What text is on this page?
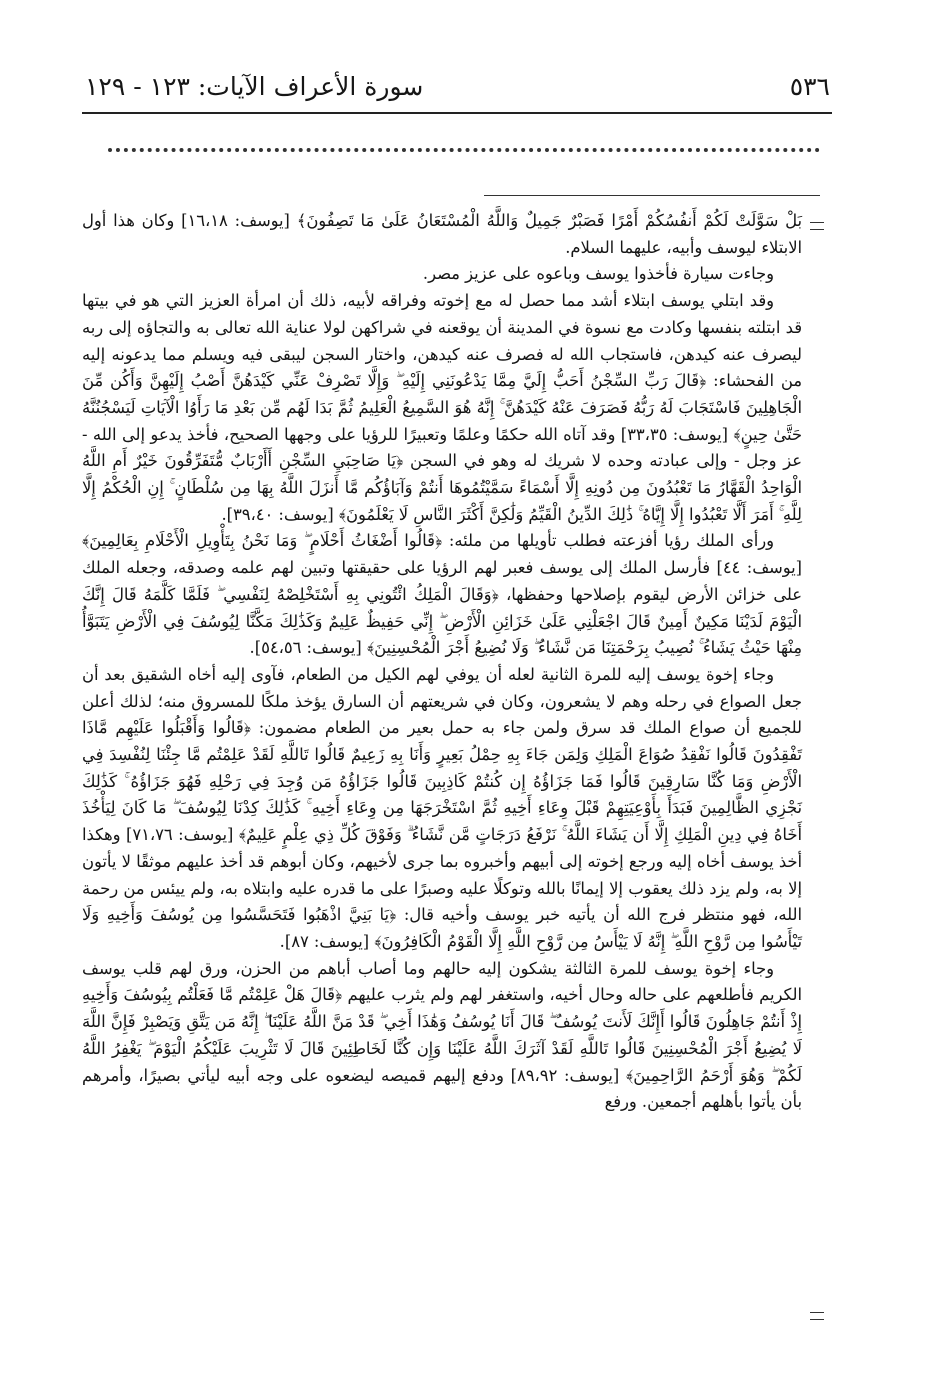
٥٣٦
سورة الأعراف الآيات: ١٢٣ - ١٢٩

بَلْ سَوَّلَتْ لَكُمْ أَنفُسُكُمْ أَمْرًا فَصَبْرٌ جَمِيلٌ وَاللَّهُ الْمُسْتَعَانُ عَلَىٰ مَا تَصِفُونَ﴾ [يوسف: ١٦،١٨] وكان هذا أول الابتلاء ليوسف وأبيه، عليهما السلام.

وجاءت سيارة فأخذوا يوسف وباعوه على عزيز مصر.

وقد ابتلي يوسف ابتلاء أشد مما حصل له مع إخوته وفراقه لأبيه، ذلك أن امرأة العزيز التي هو في بيتها قد ابتلته بنفسها وكادت مع نسوة في المدينة أن يوقعنه في شراكهن لولا عناية الله تعالى به والتجاؤه إلى ربه ليصرف عنه كيدهن، فاستجاب الله له فصرف عنه كيدهن، واختار السجن ليبقى فيه ويسلم مما يدعونه إليه من الفحشاء: ﴿قَالَ رَبِّ السِّجْنُ أَحَبُّ إِلَيَّ مِمَّا يَدْعُونَنِي إِلَيْهِ ۖ وَإِلَّا تَصْرِفْ عَنِّي كَيْدَهُنَّ أَصْبُ إِلَيْهِنَّ وَأَكُن مِّنَ الْجَاهِلِينَ فَاسْتَجَابَ لَهُ رَبُّهُ فَصَرَفَ عَنْهُ كَيْدَهُنَّ ۚ إِنَّهُ هُوَ السَّمِيعُ الْعَلِيمُ ثُمَّ بَدَا لَهُم مِّن بَعْدِ مَا رَأَوُا الْآيَاتِ لَيَسْجُنُنَّهُ حَتَّىٰ حِينٍ﴾ [يوسف: ٣٣،٣٥] وقد آتاه الله حكمًا وعلمًا وتعبيرًا للرؤيا على وجهها الصحيح، فأخذ يدعو إلى الله - عز وجل - وإلى عبادته وحده لا شريك له وهو في السجن ﴿يَا صَاحِبَيِ السِّجْنِ أَأَرْبَابٌ مُّتَفَرِّقُونَ خَيْرٌ أَمِ اللَّهُ الْوَاحِدُ الْقَهَّارُ مَا تَعْبُدُونَ مِن دُونِهِ إِلَّا أَسْمَاءً سَمَّيْتُمُوهَا أَنتُمْ وَآبَاؤُكُم مَّا أَنزَلَ اللَّهُ بِهَا مِن سُلْطَانٍ ۚ إِنِ الْحُكْمُ إِلَّا لِلَّهِ ۚ أَمَرَ أَلَّا تَعْبُدُوا إِلَّا إِيَّاهُ ۚ ذَٰلِكَ الدِّينُ الْقَيِّمُ وَلَٰكِنَّ أَكْثَرَ النَّاسِ لَا يَعْلَمُونَ﴾ [يوسف: ٣٩،٤٠].

ورأى الملك رؤيا أفزعته فطلب تأويلها من ملئه: ﴿قَالُوا أَضْغَاثُ أَحْلَامٍ ۖ وَمَا نَحْنُ بِتَأْوِيلِ الْأَحْلَامِ بِعَالِمِينَ﴾ [يوسف: ٤٤] فأرسل الملك إلى يوسف فعبر لهم الرؤيا على حقيقتها وتبين لهم علمه وصدقه، وجعله الملك على خزائن الأرض ليقوم بإصلاحها وحفظها، ﴿وَقَالَ الْمَلِكُ ائْتُونِي بِهِ أَسْتَخْلِصْهُ لِنَفْسِي ۖ فَلَمَّا كَلَّمَهُ قَالَ إِنَّكَ الْيَوْمَ لَدَيْنَا مَكِينٌ أَمِينٌ قَالَ اجْعَلْنِي عَلَىٰ خَزَائِنِ الْأَرْضِ ۖ إِنِّي حَفِيظٌ عَلِيمٌ وَكَذَٰلِكَ مَكَّنَّا لِيُوسُفَ فِي الْأَرْضِ يَتَبَوَّأُ مِنْهَا حَيْثُ يَشَاءُ ۚ نُصِيبُ بِرَحْمَتِنَا مَن نَّشَاءُ ۖ وَلَا نُضِيعُ أَجْرَ الْمُحْسِنِينَ﴾ [يوسف: ٥٤،٥٦].

وجاء إخوة يوسف إليه للمرة الثانية لعله أن يوفي لهم الكيل من الطعام، فآوى إليه أخاه الشقيق بعد أن جعل الصواع في رحله وهم لا يشعرون، وكان في شريعتهم أن السارق يؤخذ ملكًا للمسروق منه؛ لذلك أعلن للجميع أن صواع الملك قد سرق ولمن جاء به حمل بعير من الطعام مضمون: ﴿قَالُوا وَأَقْبَلُوا عَلَيْهِم مَّاذَا تَفْقِدُونَ قَالُوا نَفْقِدُ صُوَاعَ الْمَلِكِ وَلِمَن جَاءَ بِهِ حِمْلُ بَعِيرٍ وَأَنَا بِهِ زَعِيمٌ قَالُوا تَاللَّهِ لَقَدْ عَلِمْتُم مَّا جِئْنَا لِنُفْسِدَ فِي الْأَرْضِ وَمَا كُنَّا سَارِقِينَ قَالُوا فَمَا جَزَاؤُهُ إِن كُنتُمْ كَاذِبِينَ قَالُوا جَزَاؤُهُ مَن وُجِدَ فِي رَحْلِهِ فَهُوَ جَزَاؤُهُ ۚ كَذَٰلِكَ نَجْزِي الظَّالِمِينَ فَبَدَأَ بِأَوْعِيَتِهِمْ قَبْلَ وِعَاءِ أَخِيهِ ثُمَّ اسْتَخْرَجَهَا مِن وِعَاءِ أَخِيهِ ۚ كَذَٰلِكَ كِدْنَا لِيُوسُفَ ۖ مَا كَانَ لِيَأْخُذَ أَخَاهُ فِي دِينِ الْمَلِكِ إِلَّا أَن يَشَاءَ اللَّهُ ۚ نَرْفَعُ دَرَجَاتٍ مَّن نَّشَاءُ ۗ وَفَوْقَ كُلِّ ذِي عِلْمٍ عَلِيمٌ﴾ [يوسف: ٧١،٧٦] وهكذا أخذ يوسف أخاه إليه ورجع إخوته إلى أبيهم وأخبروه بما جرى لأخيهم، وكان أبوهم قد أخذ عليهم موثقًا لا يأتون إلا به، ولم يزد ذلك يعقوب إلا إيمانًا بالله وتوكلًا عليه وصبرًا على ما قدره عليه وابتلاه به، ولم ييئس من رحمة الله، فهو منتظر فرج الله أن يأتيه خبر يوسف وأخيه قال: ﴿يَا بَنِيَّ اذْهَبُوا فَتَحَسَّسُوا مِن يُوسُفَ وَأَخِيهِ وَلَا تَيْأَسُوا مِن رَّوْحِ اللَّهِ ۖ إِنَّهُ لَا يَيْأَسُ مِن رَّوْحِ اللَّهِ إِلَّا الْقَوْمُ الْكَافِرُونَ﴾ [يوسف: ٨٧].

وجاء إخوة يوسف للمرة الثالثة يشكون إليه حالهم وما أصاب أباهم من الحزن، ورق لهم قلب يوسف الكريم فأطلعهم على حاله وحال أخيه، واستغفر لهم ولم يثرب عليهم ﴿قَالَ هَلْ عَلِمْتُم مَّا فَعَلْتُم بِيُوسُفَ وَأَخِيهِ إِذْ أَنتُمْ جَاهِلُونَ قَالُوا أَإِنَّكَ لَأَنتَ يُوسُفُ ۖ قَالَ أَنَا يُوسُفُ وَهَٰذَا أَخِي ۖ قَدْ مَنَّ اللَّهُ عَلَيْنَا ۖ إِنَّهُ مَن يَتَّقِ وَيَصْبِرْ فَإِنَّ اللَّهَ لَا يُضِيعُ أَجْرَ الْمُحْسِنِينَ قَالُوا تَاللَّهِ لَقَدْ آثَرَكَ اللَّهُ عَلَيْنَا وَإِن كُنَّا لَخَاطِئِينَ قَالَ لَا تَثْرِيبَ عَلَيْكُمُ الْيَوْمَ ۖ يَغْفِرُ اللَّهُ لَكُمْ ۖ وَهُوَ أَرْحَمُ الرَّاحِمِينَ﴾ [يوسف: ٨٩،٩٢] ودفع إليهم قميصه ليضعوه على وجه أبيه ليأتي بصيرًا، وأمرهم بأن يأتوا بأهلهم أجمعين. ورفع
